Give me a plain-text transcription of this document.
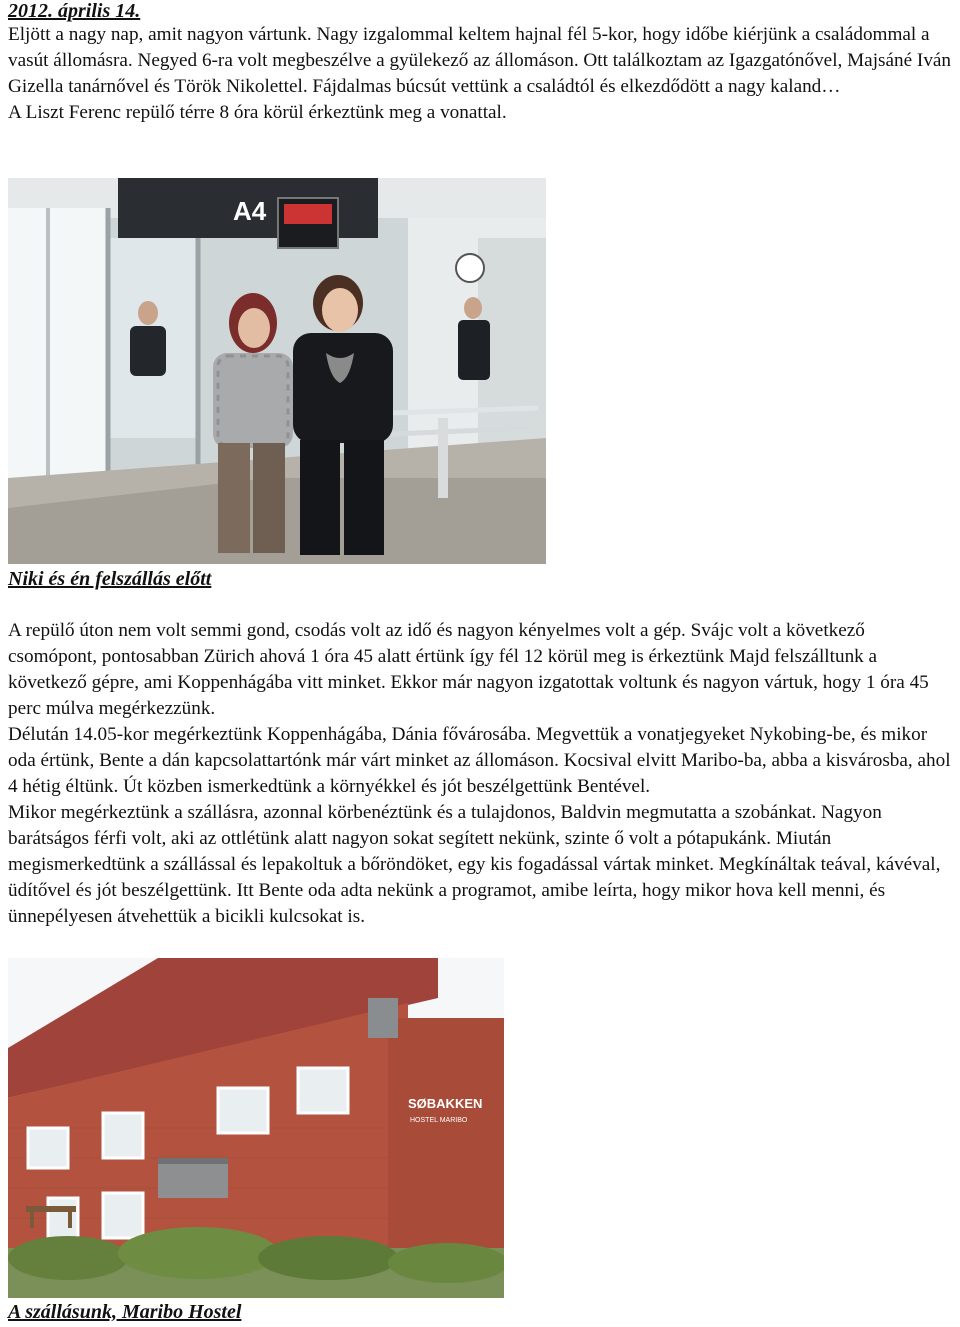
2012. április 14.

Eljött a nagy nap, amit nagyon vártunk. Nagy izgalommal keltem hajnal fél 5-kor, hogy időbe kiérjünk a családommal a vasút állomásra. Negyed 6-ra volt megbeszélve a gyülekező az állomáson. Ott találkoztam az Igazgatónővel, Majsáné Iván Gizella tanárnővel és Török Nikolettel. Fájdalmas búcsút vettünk a családtól és elkezdődött a nagy kaland…

A Liszt Ferenc repülő térre 8 óra körül érkeztünk meg a vonattal.

A4
Niki és én felszállás előtt

A repülő úton nem volt semmi gond, csodás volt az idő és nagyon kényelmes volt a gép. Svájc volt a következő csomópont, pontosabban Zürich ahová 1 óra 45 alatt értünk így fél 12 körül meg is érkeztünk Majd felszálltunk a következő gépre, ami Koppenhágába vitt minket. Ekkor már nagyon izgatottak voltunk és nagyon vártuk, hogy 1 óra 45 perc múlva megérkezzünk.

Délután 14.05-kor megérkeztünk Koppenhágába, Dánia fővárosába. Megvettük a vonatjegyeket Nykobing-be, és mikor oda értünk, Bente a dán kapcsolattartónk már várt minket az állomáson. Kocsival elvitt Maribo-ba, abba a kisvárosba, ahol 4 hétig éltünk. Út közben ismerkedtünk a környékkel és jót beszélgettünk Bentével.

Mikor megérkeztünk a szállásra, azonnal körbenéztünk és a tulajdonos, Baldvin megmutatta a szobánkat. Nagyon barátságos férfi volt, aki az ottlétünk alatt nagyon sokat segített nekünk, szinte ő volt a pótapukánk. Miután megismerkedtünk a szállással és lepakoltuk a bőröndöket, egy kis fogadással vártak minket. Megkínáltak teával, kávéval, üdítővel és jót beszélgettünk. Itt Bente oda adta nekünk a programot, amibe leírta, hogy mikor hova kell menni, és ünnepélyesen átvehettük a bicikli kulcsokat is.

SØBAKKEN
HOSTEL MARIBO
A szállásunk, Maribo Hostel
